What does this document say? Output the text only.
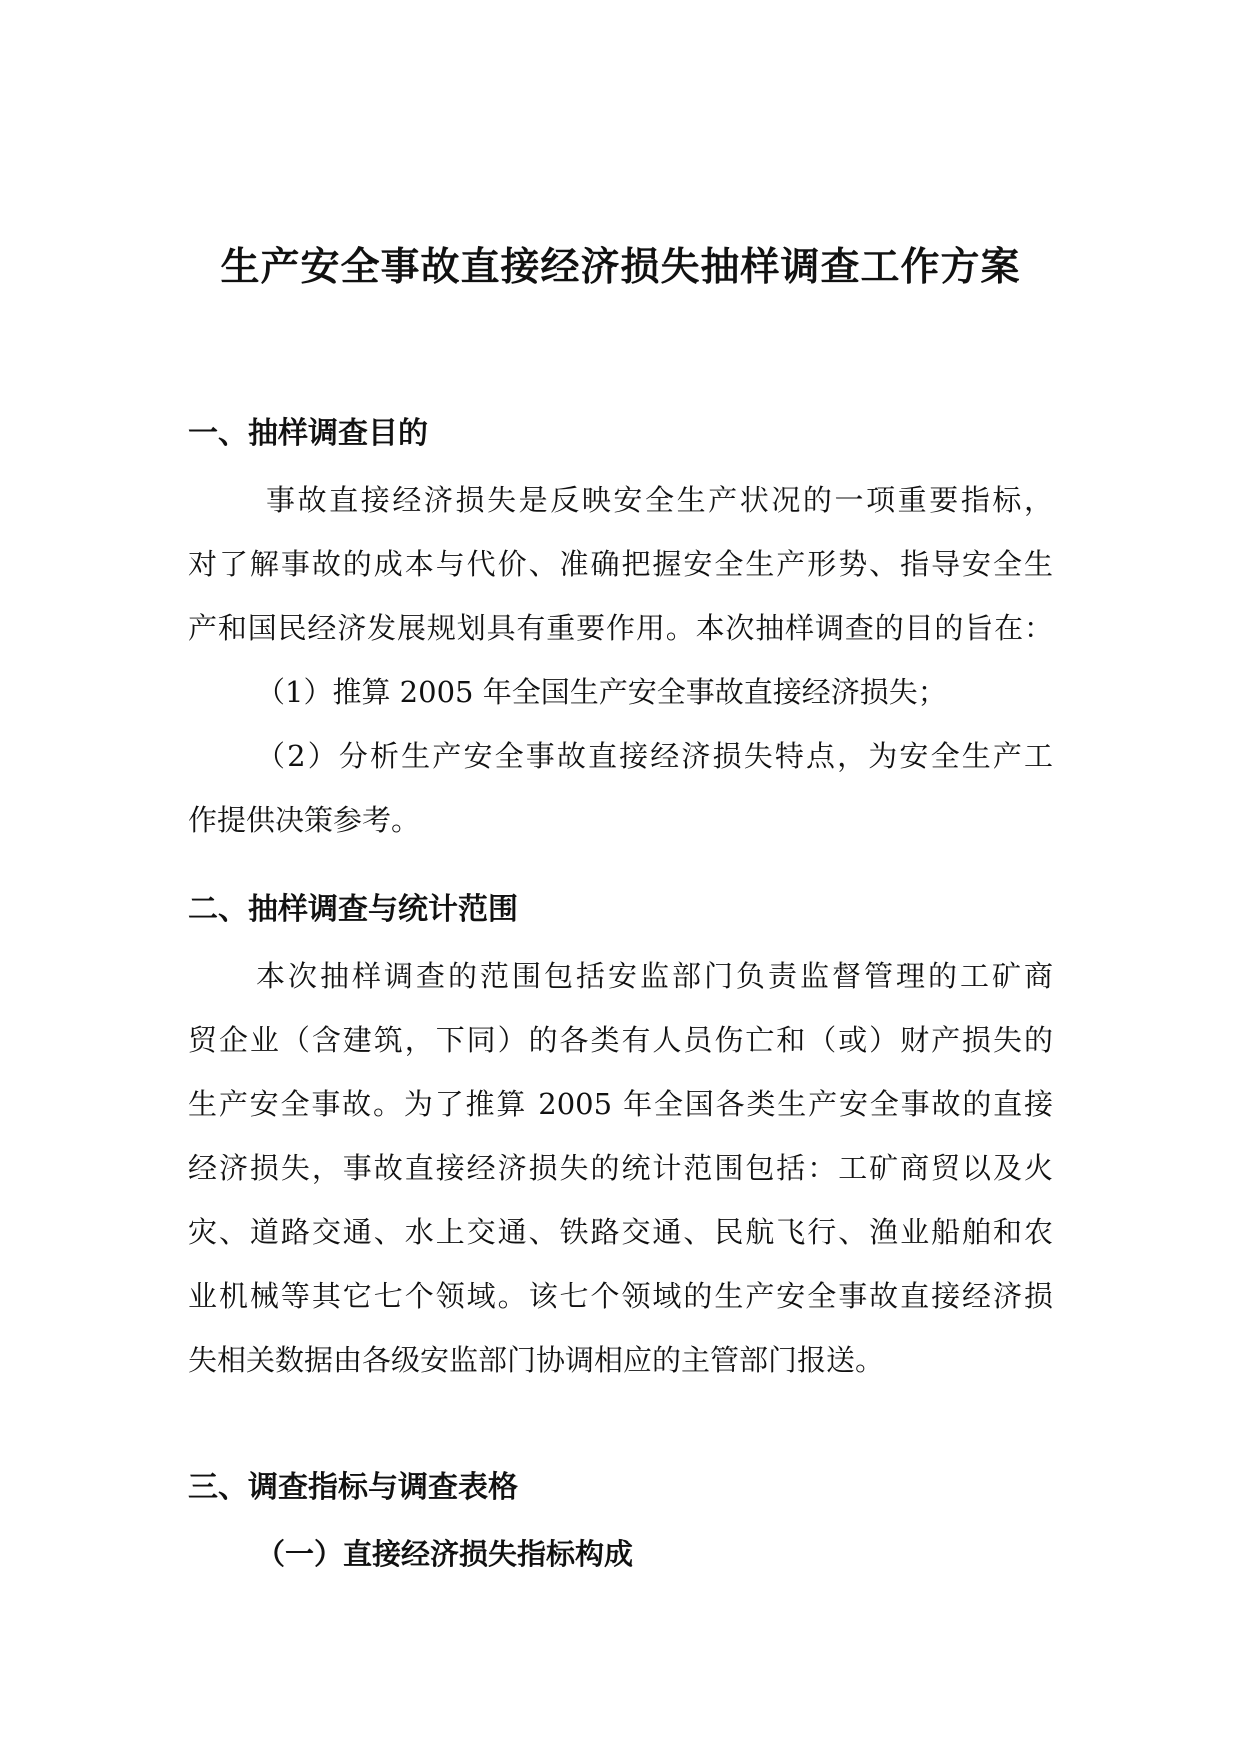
生产安全事故直接经济损失抽样调查工作方案
一、抽样调查目的
事故直接经济损失是反映安全生产状况的一项重要指标，
对了解事故的成本与代价、准确把握安全生产形势、指导安全生
产和国民经济发展规划具有重要作用。本次抽样调查的目的旨在：
（1）推算 2005 年全国生产安全事故直接经济损失；
（2）分析生产安全事故直接经济损失特点，为安全生产工
作提供决策参考。
二、抽样调查与统计范围
本次抽样调查的范围包括安监部门负责监督管理的工矿商
贸企业（含建筑，下同）的各类有人员伤亡和（或）财产损失的
生产安全事故。为了推算 2005 年全国各类生产安全事故的直接
经济损失，事故直接经济损失的统计范围包括：工矿商贸以及火
灾、道路交通、水上交通、铁路交通、民航飞行、渔业船舶和农
业机械等其它七个领域。该七个领域的生产安全事故直接经济损
失相关数据由各级安监部门协调相应的主管部门报送。
三、调查指标与调查表格
（一）直接经济损失指标构成
